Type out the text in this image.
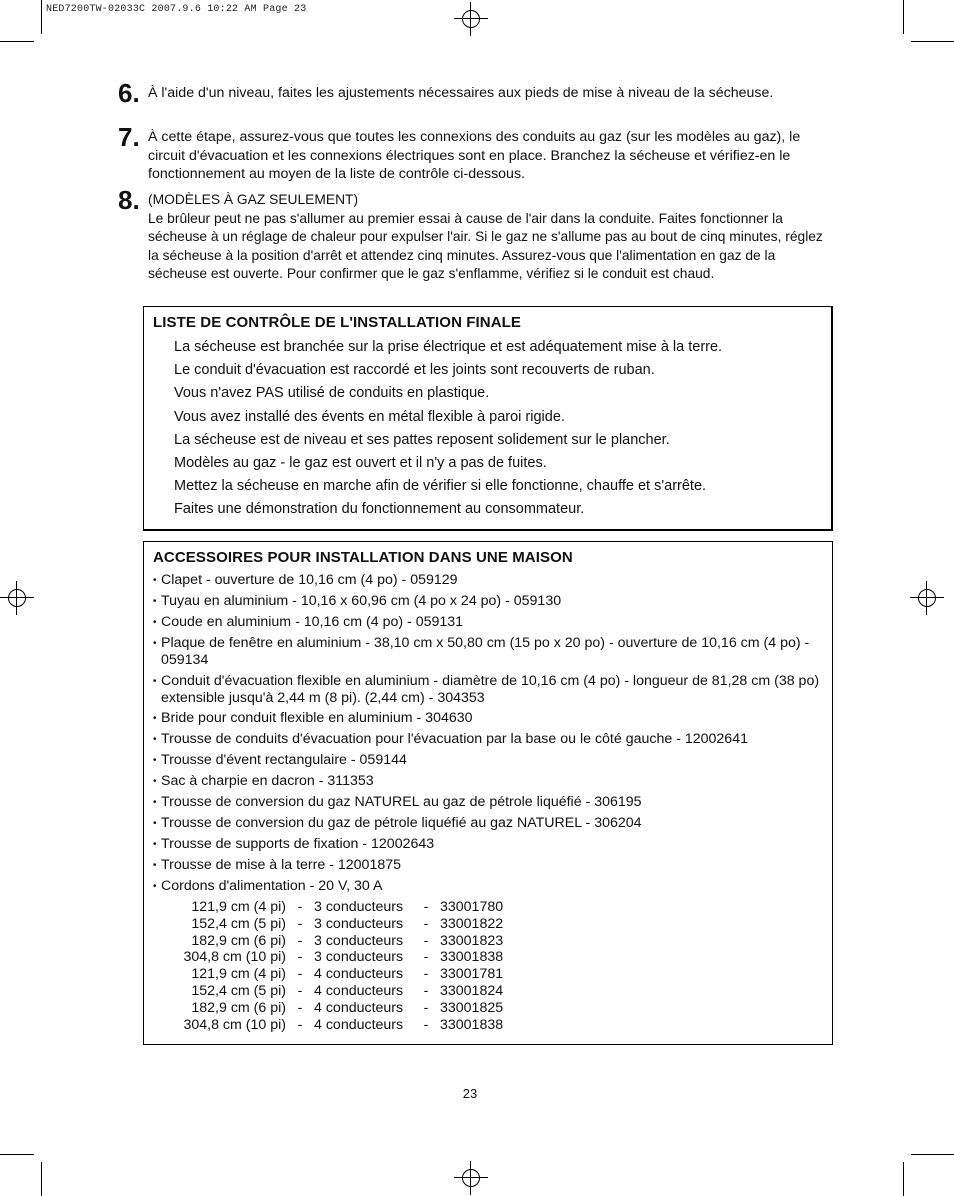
NED7200TW-02033C 2007.9.6 10:22 AM Page 23
6. À l'aide d'un niveau, faites les ajustements nécessaires aux pieds de mise à niveau de la sécheuse.
7. À cette étape, assurez-vous que toutes les connexions des conduits au gaz (sur les modèles au gaz), le circuit d'évacuation et les connexions électriques sont en place. Branchez la sécheuse et vérifiez-en le fonctionnement au moyen de la liste de contrôle ci-dessous.
8. (MODÈLES À GAZ SEULEMENT)
Le brûleur peut ne pas s'allumer au premier essai à cause de l'air dans la conduite. Faites fonctionner la sécheuse à un réglage de chaleur pour expulser l'air. Si le gaz ne s'allume pas au bout de cinq minutes, réglez la sécheuse à la position d'arrêt et attendez cinq minutes. Assurez-vous que l'alimentation en gaz de la sécheuse est ouverte. Pour confirmer que le gaz s'enflamme, vérifiez si le conduit est chaud.
LISTE DE CONTRÔLE DE L'INSTALLATION FINALE
La sécheuse est branchée sur la prise électrique et est adéquatement mise à la terre.
Le conduit d'évacuation est raccordé et les joints sont recouverts de ruban.
Vous n'avez PAS utilisé de conduits en plastique.
Vous avez installé des évents en métal flexible à paroi rigide.
La sécheuse est de niveau et ses pattes reposent solidement sur le plancher.
Modèles au gaz - le gaz est ouvert et il n'y a pas de fuites.
Mettez la sécheuse en marche afin de vérifier si elle fonctionne, chauffe et s'arrête.
Faites une démonstration du fonctionnement au consommateur.
ACCESSOIRES POUR INSTALLATION DANS UNE MAISON
• Clapet - ouverture de 10,16 cm (4 po) - 059129
• Tuyau en aluminium - 10,16 x 60,96 cm (4 po x 24 po) - 059130
• Coude en aluminium - 10,16 cm (4 po) - 059131
• Plaque de fenêtre en aluminium - 38,10 cm x 50,80 cm (15 po x 20 po) - ouverture de 10,16 cm (4 po) - 059134
• Conduit d'évacuation flexible en aluminium - diamètre de 10,16 cm (4 po) - longueur de 81,28 cm (38 po) extensible jusqu'à 2,44 m (8 pi). (2,44 cm) - 304353
• Bride pour conduit flexible en aluminium - 304630
• Trousse de conduits d'évacuation pour l'évacuation par la base ou le côté gauche - 12002641
• Trousse d'évent rectangulaire - 059144
• Sac à charpie en dacron - 311353
• Trousse de conversion du gaz NATUREL au gaz de pétrole liquéfié - 306195
• Trousse de conversion du gaz de pétrole liquéfié au gaz NATUREL - 306204
• Trousse de supports de fixation - 12002643
• Trousse de mise à la terre - 12001875
• Cordons d'alimentation - 20 V, 30 A
121,9 cm (4 pi)	-	3 conducteurs	-	33001780
152,4 cm (5 pi)	-	3 conducteurs	-	33001822
182,9 cm (6 pi)	-	3 conducteurs	-	33001823
304,8 cm (10 pi)	-	3 conducteurs	-	33001838
121,9 cm (4 pi)	-	4 conducteurs	-	33001781
152,4 cm (5 pi)	-	4 conducteurs	-	33001824
182,9 cm (6 pi)	-	4 conducteurs	-	33001825
304,8 cm (10 pi)	-	4 conducteurs	-	33001838
23
